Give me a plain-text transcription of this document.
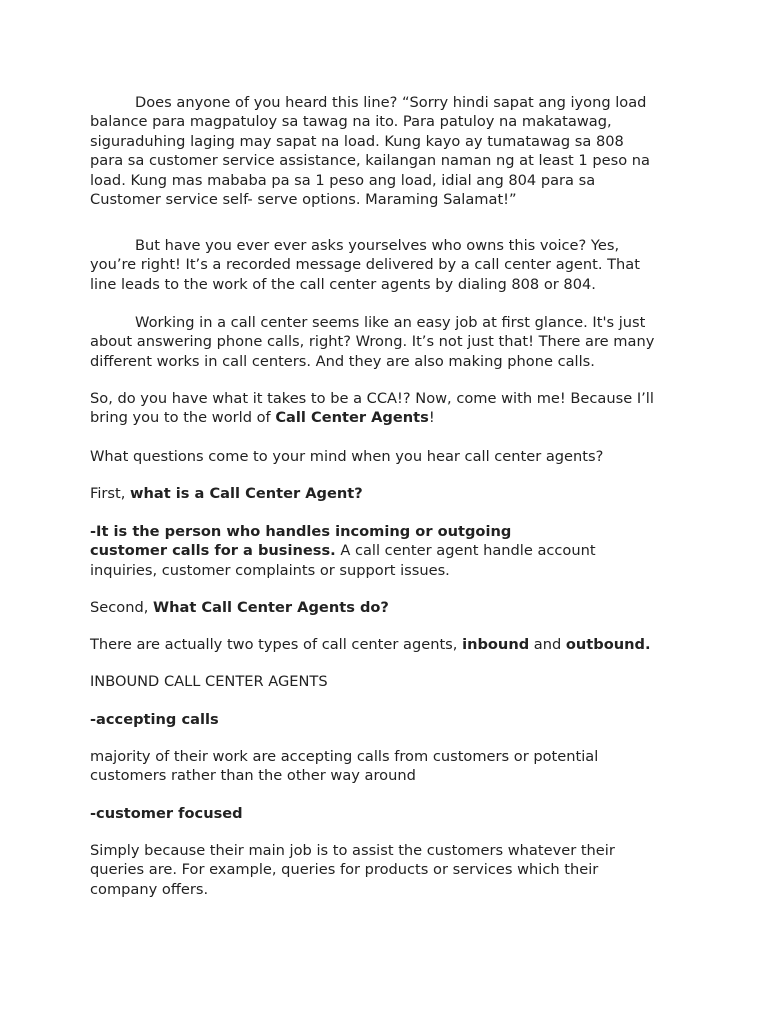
Does anyone of you heard this line? “Sorry hindi sapat ang iyong load
balance para magpatuloy sa tawag na ito. Para patuloy na makatawag,
siguraduhing laging may sapat na load. Kung kayo ay tumatawag sa 808
para sa customer service assistance, kailangan naman ng at least 1 peso na
load. Kung mas mababa pa sa 1 peso ang load, idial ang 804 para sa
Customer service self- serve options. Maraming Salamat!”
But have you ever ever asks yourselves who owns this voice? Yes,
you’re right! It’s a recorded message delivered by a call center agent. That
line leads to the work of the call center agents by dialing 808 or 804.
Working in a call center seems like an easy job at first glance. It's just
about answering phone calls, right? Wrong. It’s not just that! There are many
different works in call centers. And they are also making phone calls.
So, do you have what it takes to be a CCA!? Now, come with me! Because I’ll
bring you to the world of Call Center Agents!
What questions come to your mind when you hear call center agents?
First, what is a Call Center Agent?
-It is the person who handles incoming or outgoing
customer calls for a business. A call center agent handle account
inquiries, customer complaints or support issues.
Second, What Call Center Agents do?
There are actually two types of call center agents, inbound and outbound.
INBOUND CALL CENTER AGENTS
-accepting calls
majority of their work are accepting calls from customers or potential
customers rather than the other way around
-customer focused
Simply because their main job is to assist the customers whatever their
queries are. For example, queries for products or services which their
company offers.
